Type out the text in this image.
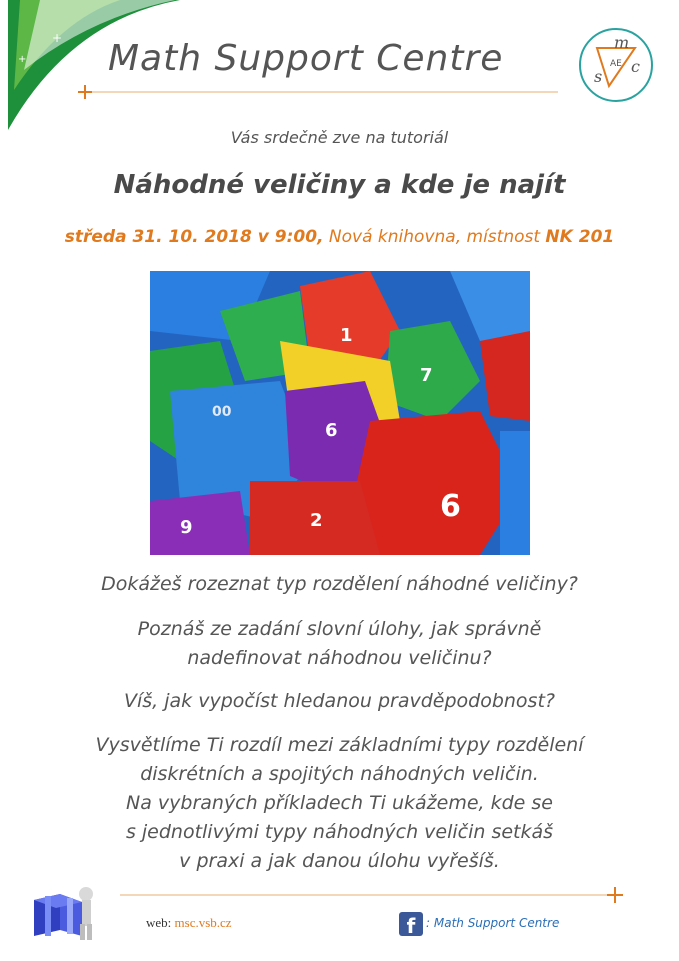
+
+
+
Math Support Centre	m
s
c
AE
Vás srdečně zve na tutoriál
Náhodné veličiny a kde je najít
středa 31. 10. 2018 v 9:00, Nová knihovna, místnost NK 201
00
6
1
7
6
2
9
Dokážeš rozeznat typ rozdělení náhodné veličiny?
Poznáš ze zadání slovní úlohy, jak správně
nadefinovat náhodnou veličinu?
Víš, jak vypočíst hledanou pravděpodobnost?
Vysvětlíme Ti rozdíl mezi základními typy rozdělení
diskrétních a spojitých náhodných veličin.
Na vybraných příkladech Ti ukážeme, kde se
s jednotlivými typy náhodných veličin setkáš
v praxi a jak danou úlohu vyřešíš.
web: msc.vsb.cz	f : Math Support Centre
